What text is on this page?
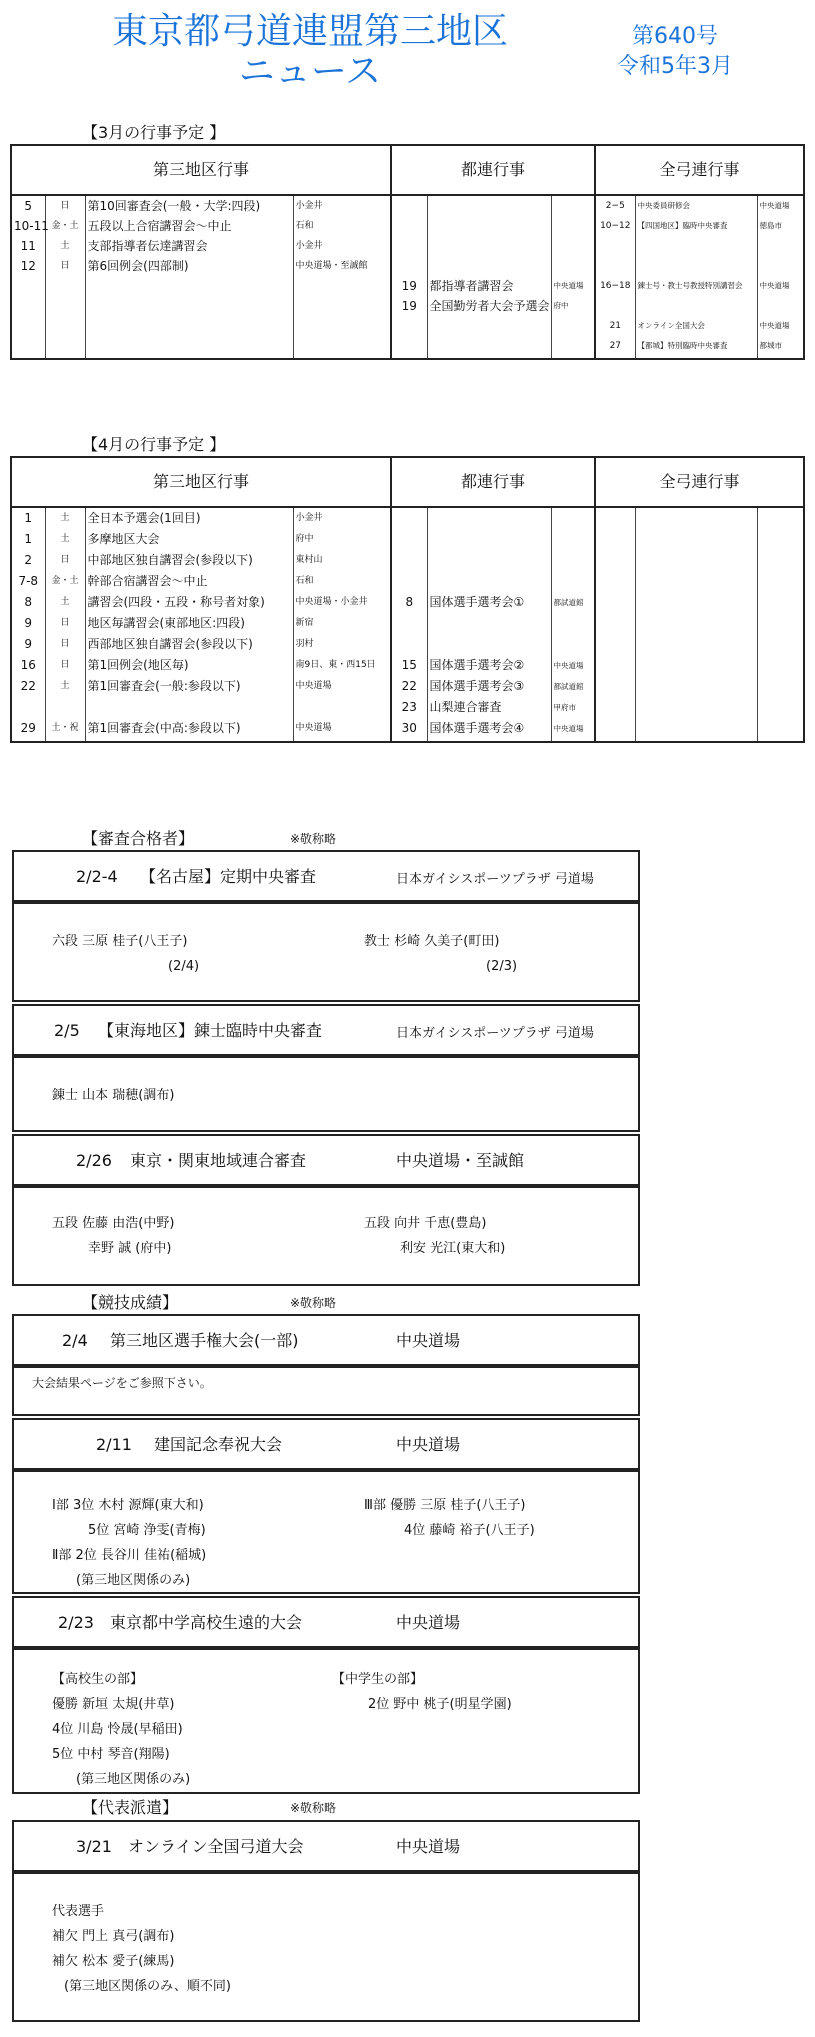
東京都弓道連盟第三地区
ニュース
第640号
令和5年3月
【3月の行事予定 】
第三地区行事				都連行事			全弓連行事		
5	日	第10回審査会(一般・大学:四段)	小金井				2−5	中央委員研修会	中央道場
10-11	金・土	五段以上合宿講習会～中止	石和				10−12	【四国地区】臨時中央審査	徳島市
11	土	支部指導者伝達講習会	小金井						
12	日	第6回例会(四部制)	中央道場・至誠館						
				19	都指導者講習会	中央道場	16−18	錬士号・教士号教授特別講習会	中央道場
				19	全国勤労者大会予選会	府中			
							21	オンライン全国大会	中央道場
							27	【都城】特別臨時中央審査	都城市
【4月の行事予定 】
第三地区行事				都連行事			全弓連行事		
1	土	全日本予選会(1回目)	小金井						
1	土	多摩地区大会	府中						
2	日	中部地区独自講習会(参段以下)	東村山						
7-8	金・土	幹部合宿講習会～中止	石和						
8	土	講習会(四段・五段・称号者対象)	中央道場・小金井	8	国体選手選考会①	都試道館			
9	日	地区毎講習会(東部地区:四段)	新宿						
9	日	西部地区独自講習会(参段以下)	羽村						
16	日	第1回例会(地区毎)	南9日、東・西15日	15	国体選手選考会②	中央道場			
22	土	第1回審査会(一般:参段以下)	中央道場	22	国体選手選考会③	都試道館			
				23	山梨連合審査	甲府市			
29	土・祝	第1回審査会(中高:参段以下)	中央道場	30	国体選手選考会④	中央道場			
【審査合格者】	※敬称略
2/2-4 【名古屋】定期中央審査	日本ガイシスポーツプラザ 弓道場
六段 三原 桂子(八王子)
(2/4)
教士 杉崎 久美子(町田)
(2/3)
2/5 【東海地区】錬士臨時中央審査	日本ガイシスポーツプラザ 弓道場
錬士 山本 瑞穂(調布)
2/26 東京・関東地域連合審査	中央道場・至誠館
五段 佐藤 由浩(中野)
幸野 誠 (府中)
五段 向井 千恵(豊島)
利安 光江(東大和)
【競技成績】	※敬称略
2/4 第三地区選手権大会(一部)	中央道場
大会結果ページをご参照下さい。
2/11 建国記念奉祝大会	中央道場
Ⅰ部 3位 木村 源輝(東大和)
5位 宮崎 浄雯(青梅)
Ⅱ部 2位 長谷川 佳祐(稲城)
(第三地区関係のみ)
Ⅲ部 優勝 三原 桂子(八王子)
4位 藤崎 裕子(八王子)
2/23 東京都中学高校生遠的大会	中央道場
【高校生の部】
優勝 新垣 太規(井草)
4位 川島 怜晟(早稲田)
5位 中村 琴音(翔陽)
(第三地区関係のみ)
【中学生の部】
2位 野中 桃子(明星学園)
【代表派遣】	※敬称略
3/21 オンライン全国弓道大会	中央道場
代表選手
補欠 門上 真弓(調布)
補欠 松本 愛子(練馬)
(第三地区関係のみ、順不同)
